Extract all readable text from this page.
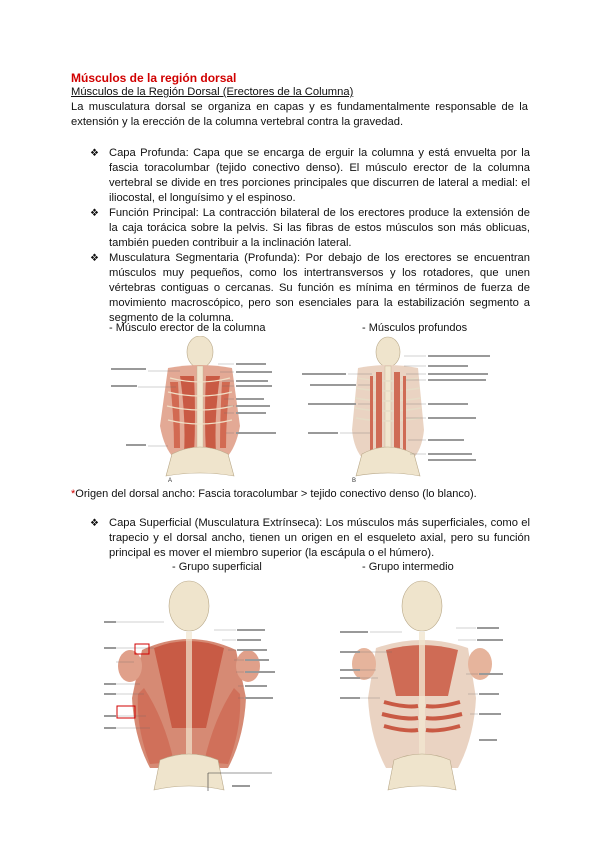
Músculos de la región dorsal
Músculos de la Región Dorsal (Erectores de la Columna)
La musculatura dorsal se organiza en capas y es fundamentalmente responsable de la extensión y la erección de la columna vertebral contra la gravedad.
❖ Capa Profunda: Capa que se encarga de erguir la columna y está envuelta por la fascia toracolumbar (tejido conectivo denso). El músculo erector de la columna vertebral se divide en tres porciones principales que discurren de lateral a medial: el iliocostal, el longuísimo y el espinoso.
❖ Función Principal: La contracción bilateral de los erectores produce la extensión de la caja torácica sobre la pelvis. Si las fibras de estos músculos son más oblicuas, también pueden contribuir a la inclinación lateral.
❖ Musculatura Segmentaria (Profunda): Por debajo de los erectores se encuentran músculos muy pequeños, como los intertransversos y los rotadores, que unen vértebras contiguas o cercanas. Su función es mínima en términos de fuerza de movimiento macroscópico, pero son esenciales para la estabilización segmento a segmento de la columna.
- Músculo erector de la columna	- Músculos profundos
A	B
*Origen del dorsal ancho: Fascia toracolumbar > tejido conectivo denso (lo blanco).
❖ Capa Superficial (Musculatura Extrínseca): Los músculos más superficiales, como el trapecio y el dorsal ancho, tienen un origen en el esqueleto axial, pero su función principal es mover el miembro superior (la escápula o el húmero).
- Grupo superficial	- Grupo intermedio
